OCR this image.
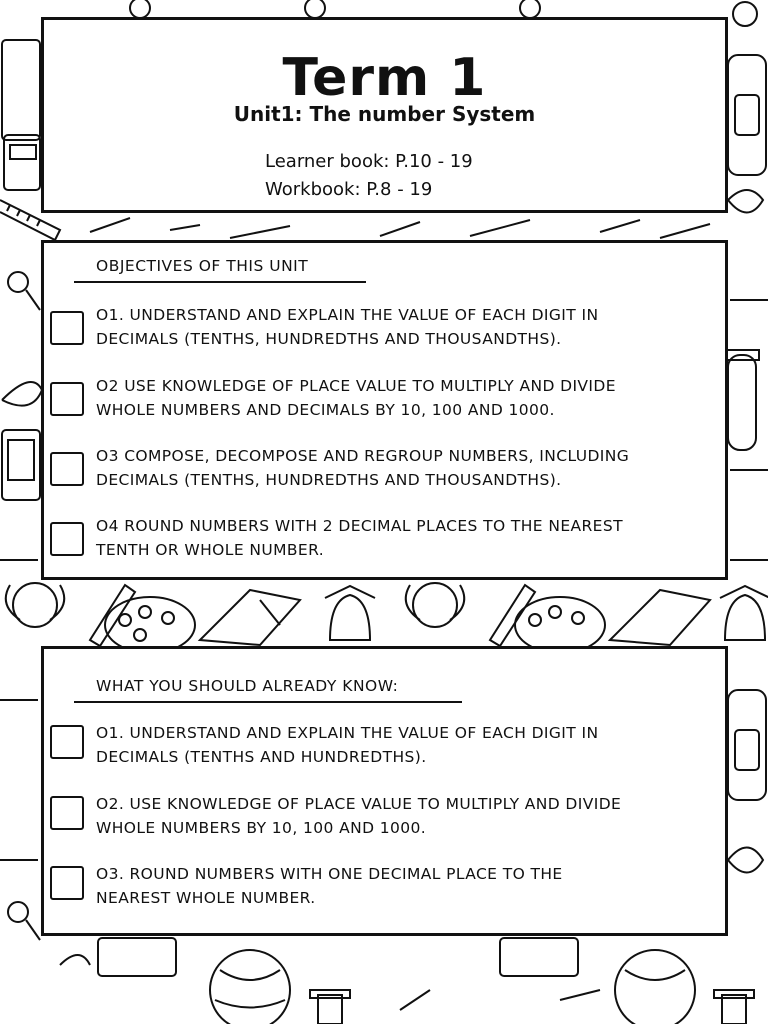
Term 1
Unit1: The number System
Learner book: P.10 - 19
Workbook: P.8 - 19
OBJECTIVES OF THIS UNIT
O1. UNDERSTAND AND EXPLAIN THE VALUE OF EACH DIGIT IN
DECIMALS (TENTHS, HUNDREDTHS AND THOUSANDTHS).
O2 USE KNOWLEDGE OF PLACE VALUE TO MULTIPLY AND DIVIDE
WHOLE NUMBERS AND DECIMALS BY 10, 100 AND 1000.
O3 COMPOSE, DECOMPOSE AND REGROUP NUMBERS, INCLUDING
DECIMALS (TENTHS, HUNDREDTHS AND THOUSANDTHS).
O4 ROUND NUMBERS WITH 2 DECIMAL PLACES TO THE NEAREST
TENTH OR WHOLE NUMBER.
WHAT YOU SHOULD ALREADY KNOW:
O1. UNDERSTAND AND EXPLAIN THE VALUE OF EACH DIGIT IN
DECIMALS (TENTHS AND HUNDREDTHS).
O2. USE KNOWLEDGE OF PLACE VALUE TO MULTIPLY AND DIVIDE
WHOLE NUMBERS BY 10, 100 AND 1000.
O3. ROUND NUMBERS WITH ONE DECIMAL PLACE TO THE
NEAREST WHOLE NUMBER.
